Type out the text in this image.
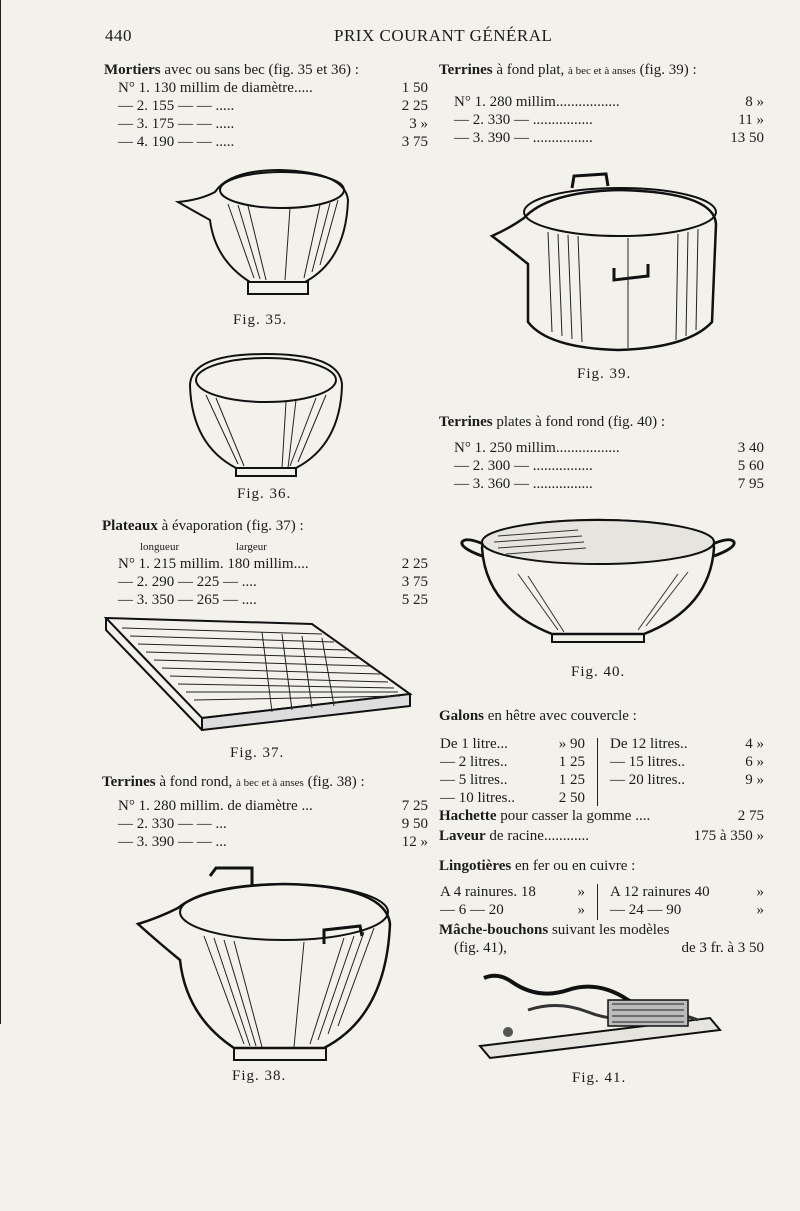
440	PRIX COURANT GÉNÉRAL
Mortiers avec ou sans bec (fig. 35 et 36) :
N° 1. 130 millim de diamètre.....	1 50
— 2. 155 — — .....	2 25
— 3. 175 — — .....	3 »
— 4. 190 — — .....	3 75
Fig. 35.
Fig. 36.
Plateaux à évaporation (fig. 37) :
longueur	largeur
N° 1. 215 millim. 180 millim....	2 25
— 2. 290 — 225 — ....	3 75
— 3. 350 — 265 — ....	5 25
Fig. 37.
Terrines à fond rond, à bec et à anses (fig. 38) :
N° 1. 280 millim. de diamètre ...	7 25
— 2. 330 — — ...	9 50
— 3. 390 — — ...	12 »
Fig. 38.
Terrines à fond plat, à bec et à anses (fig. 39) :
N° 1. 280 millim.................	8 »
— 2. 330 — ................	11 »
— 3. 390 — ................	13 50
Fig. 39.
Terrines plates à fond rond (fig. 40) :
N° 1. 250 millim.................	3 40
— 2. 300 — ................	5 60
— 3. 360 — ................	7 95
Fig. 40.
Galons en hêtre avec couvercle :
De 1 litre...	» 90
— 2 litres..	1 25
— 5 litres..	1 25
— 10 litres..	2 50
De 12 litres..	4 »
— 15 litres..	6 »
— 20 litres..	9 »
Hachette pour casser la gomme ....	2 75
Laveur de racine............	175 à 350 »
Lingotières en fer ou en cuivre :
A 4 rainures. 18	»
— 6 — 20	»
A 12 rainures 40	»
— 24 — 90	»
Mâche-bouchons suivant les modèles
(fig. 41),	de 3 fr. à 3 50
Fig. 41.
